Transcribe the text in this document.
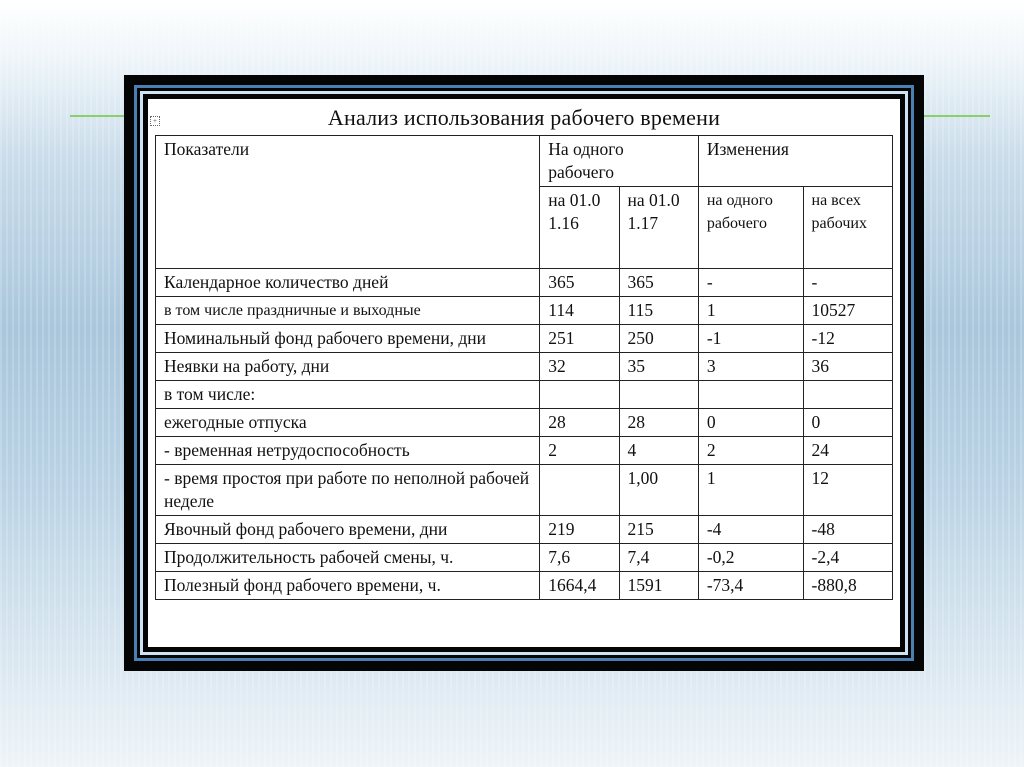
+	Анализ использования рабочего времени
Показатели	На одного рабочего		Изменения	
	на 01.01.16	на 01.01.17	на одного рабочего	на всех рабочих
Календарное количество дней	365	365	-	-
в том числе праздничные и выходные	114	115	1	10527
Номинальный фонд рабочего времени, дни	251	250	-1	-12
Неявки на работу, дни	32	35	3	36
в том числе:				
ежегодные отпуска	28	28	0	0
- временная нетрудоспособность	2	4	2	24
- время простоя при работе по неполной рабочей неделе		1,00	1	12
Явочный фонд рабочего времени, дни	219	215	-4	-48
Продолжительность рабочей смены, ч.	7,6	7,4	-0,2	-2,4
Полезный фонд рабочего времени, ч.	1664,4	1591	-73,4	-880,8
